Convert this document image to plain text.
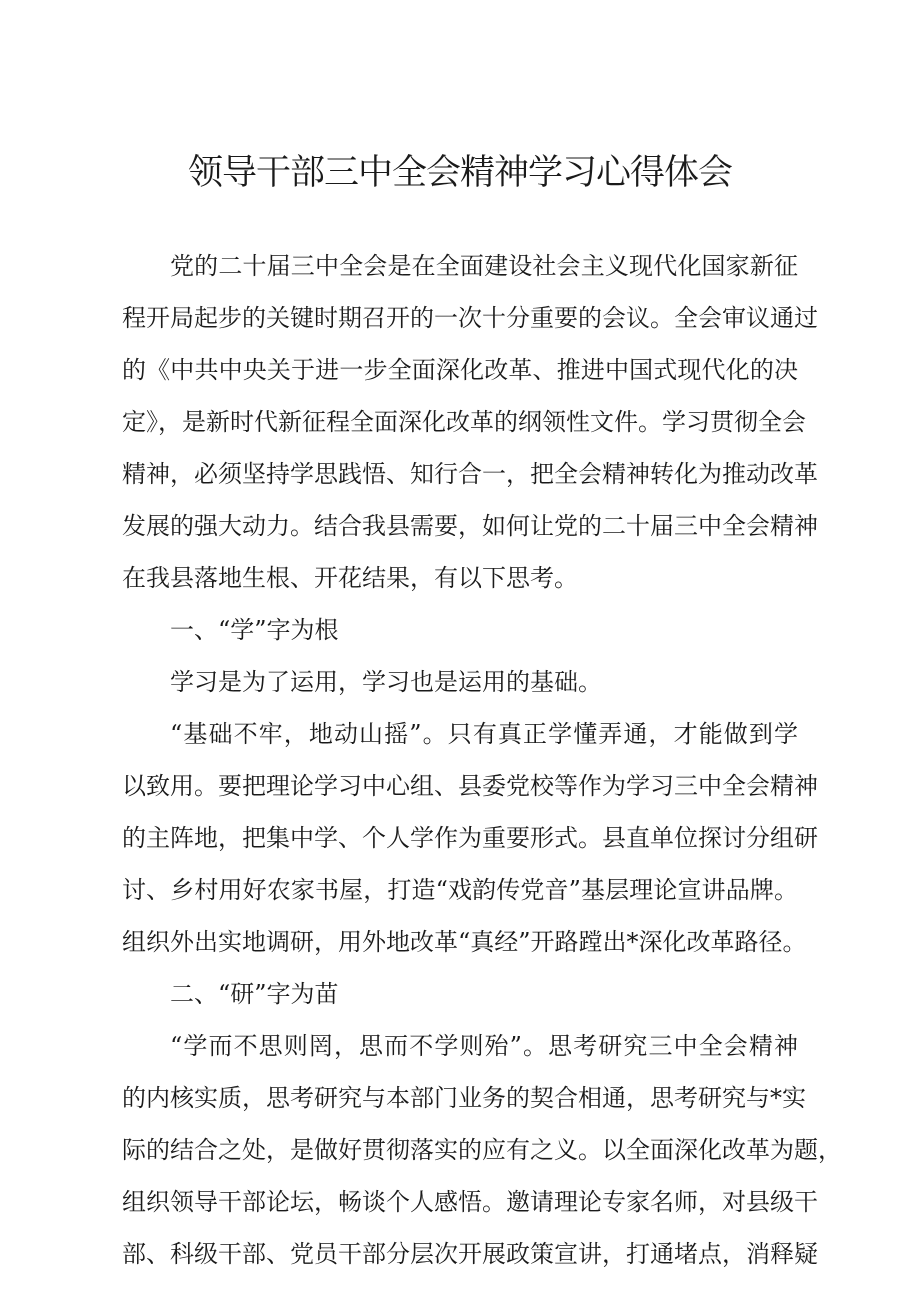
领导干部三中全会精神学习心得体会
党的二十届三中全会是在全面建设社会主义现代化国家新征
程开局起步的关键时期召开的一次十分重要的会议。全会审议通过
的《中共中央关于进一步全面深化改革、推进中国式现代化的决
定》，是新时代新征程全面深化改革的纲领性文件。学习贯彻全会
精神，必须坚持学思践悟、知行合一，把全会精神转化为推动改革
发展的强大动力。结合我县需要，如何让党的二十届三中全会精神
在我县落地生根、开花结果，有以下思考。
一、“学”字为根
学习是为了运用，学习也是运用的基础。
“基础不牢，地动山摇”。只有真正学懂弄通，才能做到学
以致用。要把理论学习中心组、县委党校等作为学习三中全会精神
的主阵地，把集中学、个人学作为重要形式。县直单位探讨分组研
讨、乡村用好农家书屋，打造“戏韵传党音”基层理论宣讲品牌。
组织外出实地调研，用外地改革“真经”开路蹚出*深化改革路径。
二、“研”字为苗
“学而不思则罔，思而不学则殆”。思考研究三中全会精神
的内核实质，思考研究与本部门业务的契合相通，思考研究与*实
际的结合之处，是做好贯彻落实的应有之义。以全面深化改革为题，
组织领导干部论坛，畅谈个人感悟。邀请理论专家名师，对县级干
部、科级干部、党员干部分层次开展政策宣讲，打通堵点，消释疑
